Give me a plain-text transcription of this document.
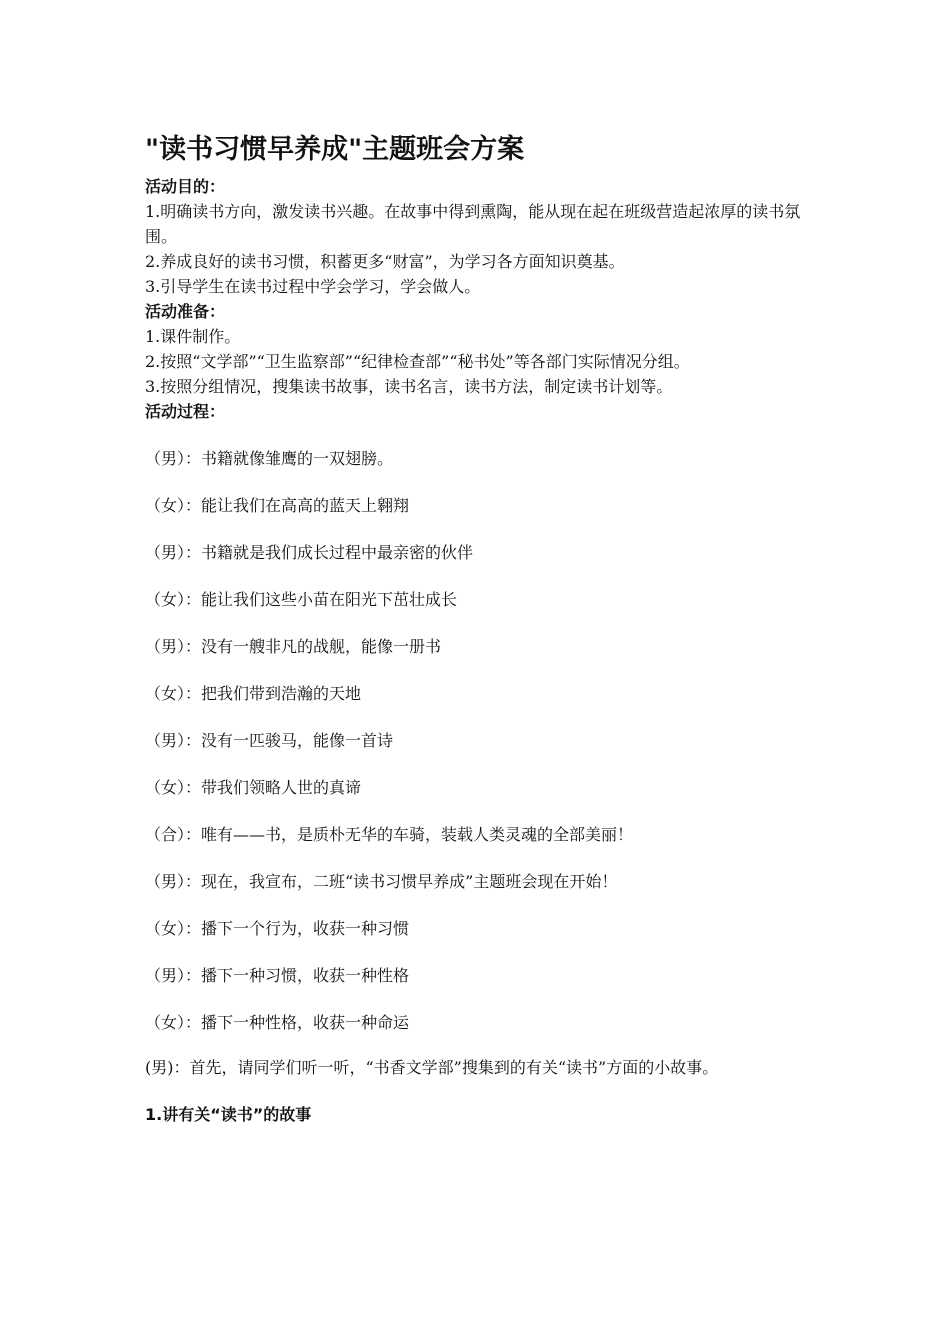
"读书习惯早养成"主题班会方案

活动目的：

1.明确读书方向，激发读书兴趣。在故事中得到熏陶，能从现在起在班级营造起浓厚的读书氛围。

2.养成良好的读书习惯，积蓄更多“财富”，为学习各方面知识奠基。

3.引导学生在读书过程中学会学习，学会做人。

活动准备：

1.课件制作。

2.按照“文学部”“卫生监察部”“纪律检查部”“秘书处”等各部门实际情况分组。

3.按照分组情况，搜集读书故事，读书名言，读书方法，制定读书计划等。

活动过程：

（男）：书籍就像雏鹰的一双翅膀。

（女）：能让我们在高高的蓝天上翱翔

（男）：书籍就是我们成长过程中最亲密的伙伴

（女）：能让我们这些小苗在阳光下茁壮成长

（男）：没有一艘非凡的战舰，能像一册书

（女）：把我们带到浩瀚的天地

（男）：没有一匹骏马，能像一首诗

（女）：带我们领略人世的真谛

（合）：唯有——书，是质朴无华的车骑，装载人类灵魂的全部美丽！

（男）：现在，我宣布，二班“读书习惯早养成”主题班会现在开始！

（女）：播下一个行为，收获一种习惯

（男）：播下一种习惯，收获一种性格

（女）：播下一种性格，收获一种命运

(男)：首先，请同学们听一听，“书香文学部”搜集到的有关“读书”方面的小故事。

1.讲有关“读书”的故事
